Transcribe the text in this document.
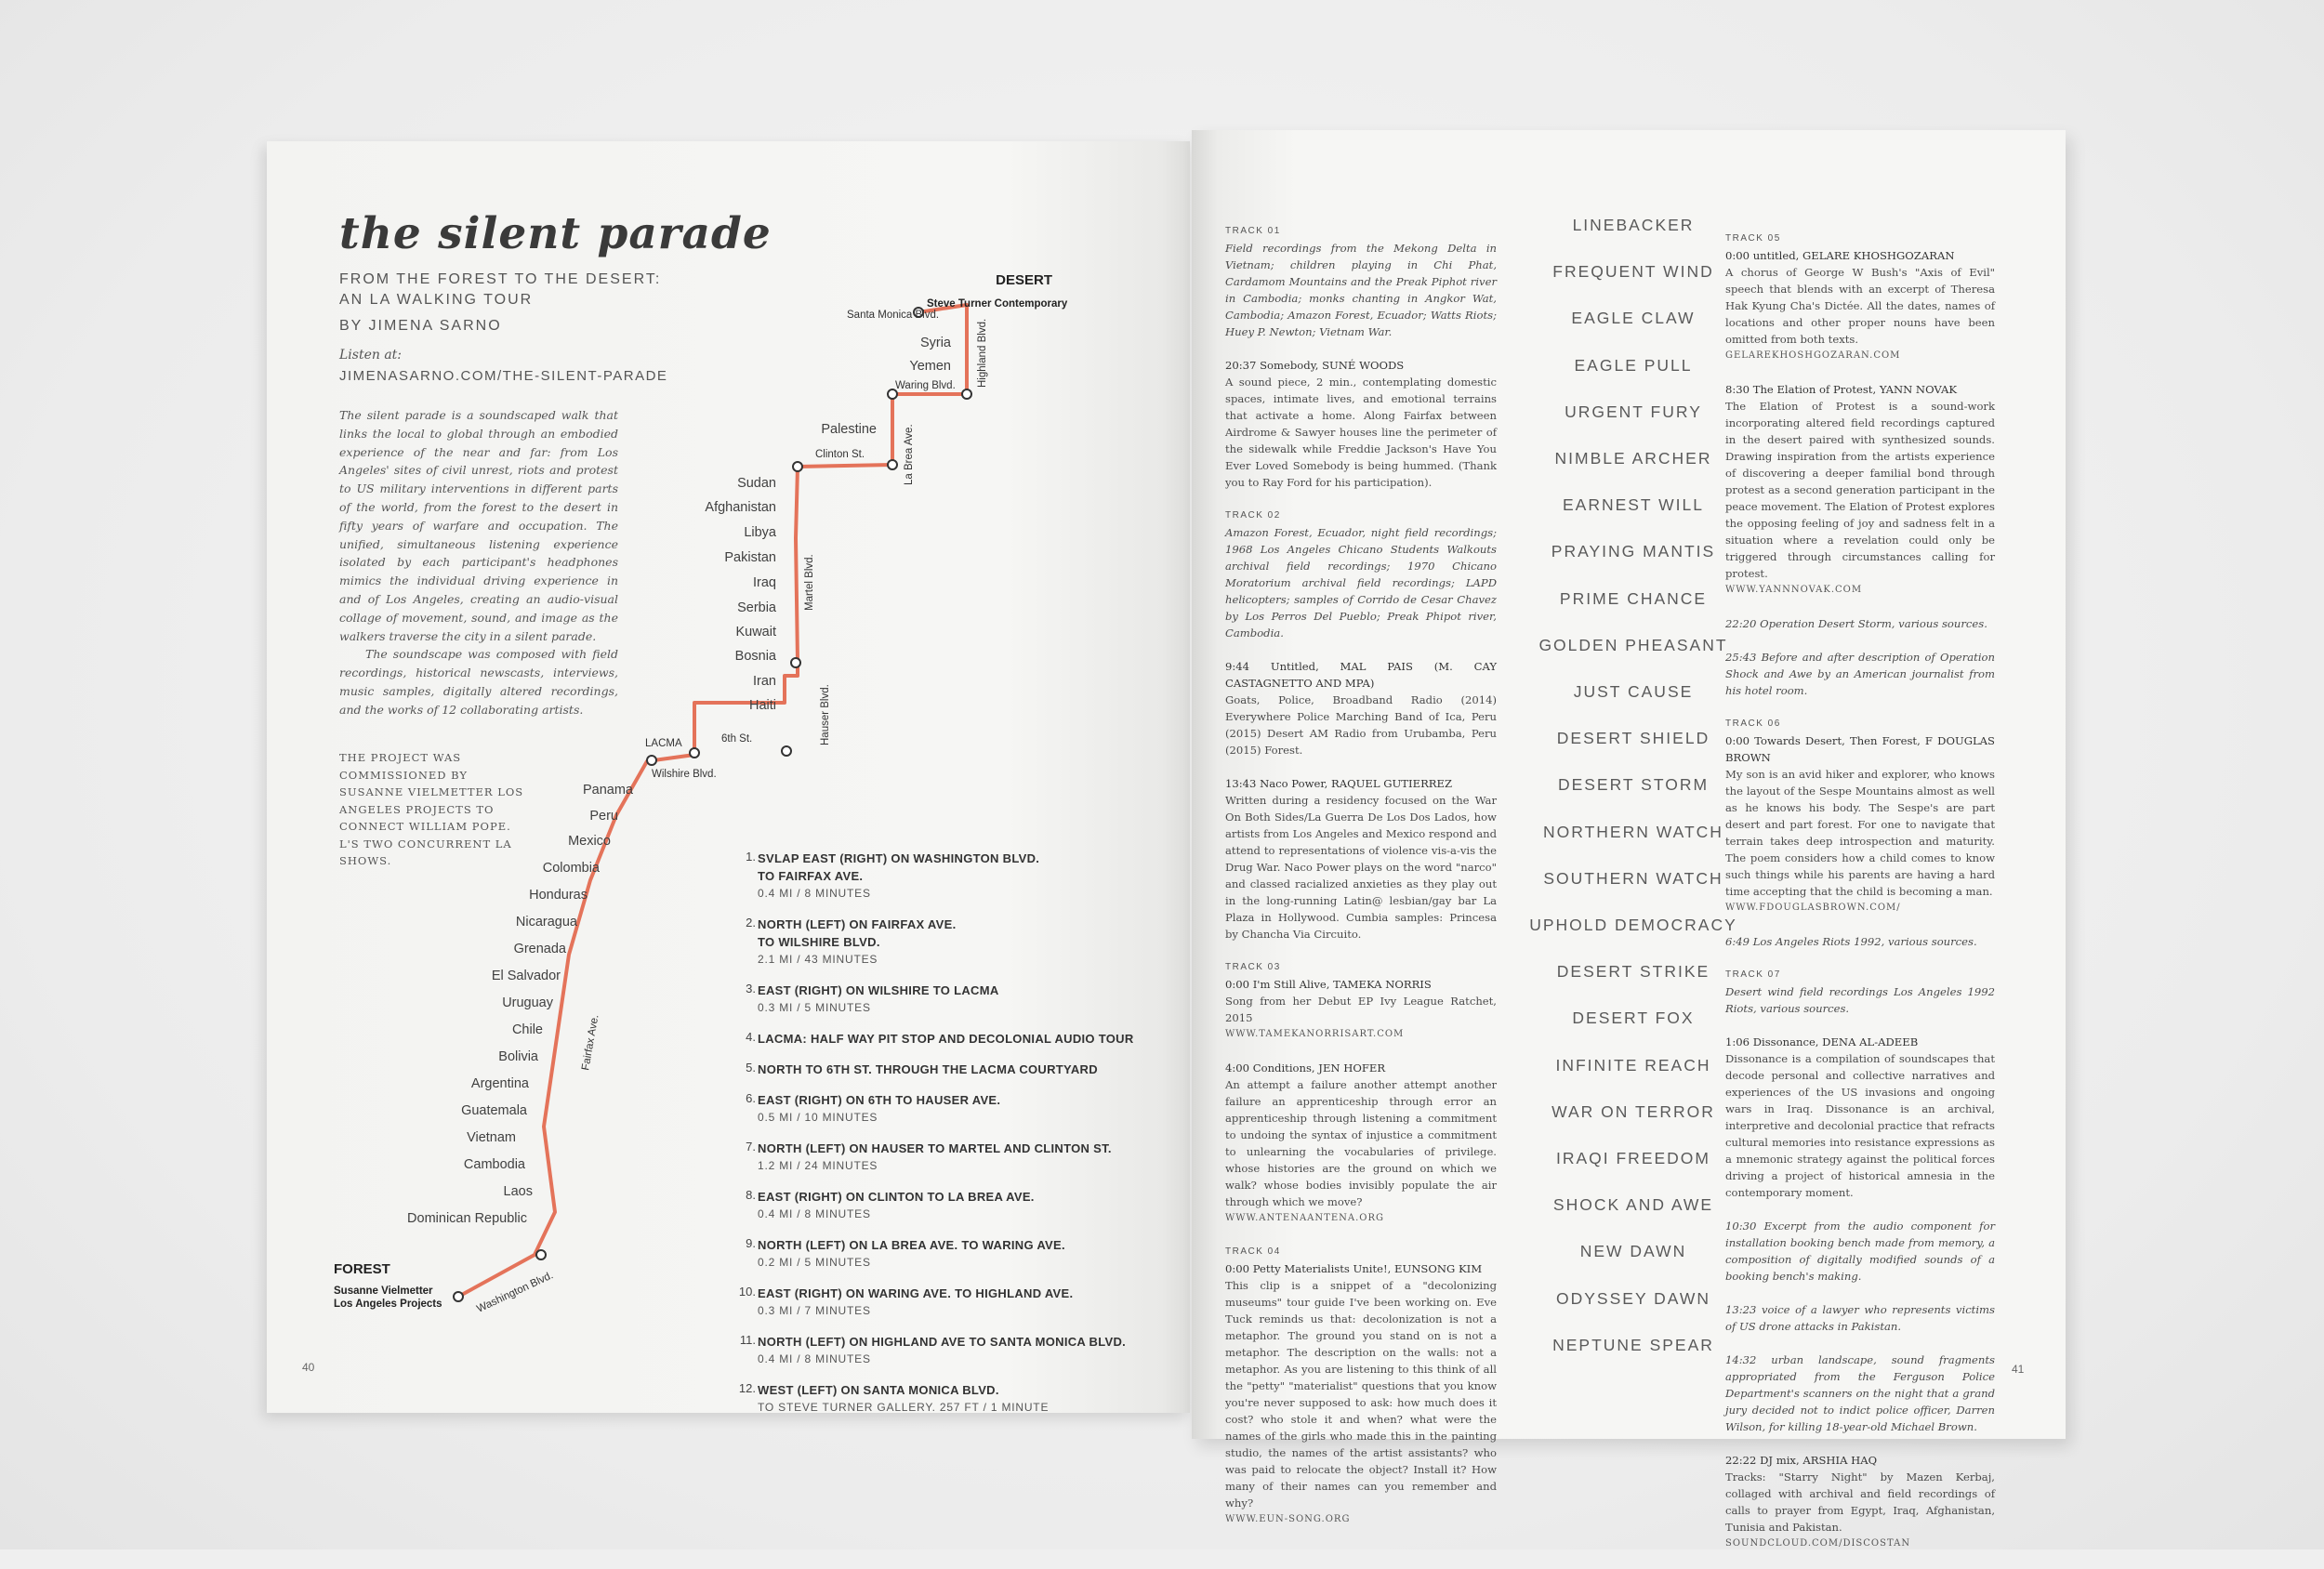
the silent parade
FROM THE FOREST TO THE DESERT: AN LA WALKING TOUR
BY JIMENA SARNO
Listen at:
JIMENASARNO.COM/THE-SILENT-PARADE

The silent parade is a soundscaped walk that links the local to global through an embodied experience of the near and far: from Los Angeles' sites of civil unrest, riots and protest to US military interventions in different parts of the world, from the forest to the desert in fifty years of warfare and occupation. The unified, simultaneous listening experience isolated by each participant's headphones mimics the individual driving experience in and of Los Angeles, creating an audio-visual collage of movement, sound, and image as the walkers traverse the city in a silent parade.

The soundscape was composed with field recordings, historical newscasts, interviews, music samples, digitally altered recordings, and the works of 12 collaborating artists.

THE PROJECT WAS COMMISSIONED BY SUSANNE VIELMETTER LOS ANGELES PROJECTS TO CONNECT WILLIAM POPE. L'S TWO CONCURRENT LA SHOWS.
40
DESERT
Steve Turner Contemporary
FOREST
Susanne Vielmetter
Los Angeles Projects
Santa Monica Blvd.
Highland Blvd.
Waring Blvd.
La Brea Ave.
Clinton St.
Martel Blvd.
Hauser Blvd.
6th St.
LACMA
Wilshire Blvd.
Fairfax Ave.
Washington Blvd.
Syria
Yemen
Palestine
Sudan
Afghanistan
Libya
Pakistan
Iraq
Serbia
Kuwait
Bosnia
Iran
Haiti
Panama
Peru
Mexico
Colombia
Honduras
Nicaragua
Grenada
El Salvador
Uruguay
Chile
Bolivia
Argentina
Guatemala
Vietnam
Cambodia
Laos
Dominican Republic
1. SVLAP EAST (RIGHT) ON WASHINGTON BLVD.
TO FAIRFAX AVE.
0.4 MI / 8 MINUTES
2. NORTH (LEFT) ON FAIRFAX AVE.
TO WILSHIRE BLVD.
2.1 MI / 43 MINUTES
3. EAST (RIGHT) ON WILSHIRE TO LACMA
0.3 MI / 5 MINUTES
4. LACMA: HALF WAY PIT STOP AND DECOLONIAL AUDIO TOUR
5. NORTH TO 6TH ST. THROUGH THE LACMA COURTYARD
6. EAST (RIGHT) ON 6TH TO HAUSER AVE.
0.5 MI / 10 MINUTES
7. NORTH (LEFT) ON HAUSER TO MARTEL AND CLINTON ST.
1.2 MI / 24 MINUTES
8. EAST (RIGHT) ON CLINTON TO LA BREA AVE.
0.4 MI / 8 MINUTES
9. NORTH (LEFT) ON LA BREA AVE. TO WARING AVE.
0.2 MI / 5 MINUTES
10. EAST (RIGHT) ON WARING AVE. TO HIGHLAND AVE.
0.3 MI / 7 MINUTES
11. NORTH (LEFT) ON HIGHLAND AVE TO SANTA MONICA BLVD.
0.4 MI / 8 MINUTES
12. WEST (LEFT) ON SANTA MONICA BLVD.
TO STEVE TURNER GALLERY. 257 FT / 1 MINUTE
TRACK 01
Field recordings from the Mekong Delta in Vietnam; children playing in Chi Phat, Cardamom Mountains and the Preak Piphot river in Cambodia; monks chanting in Angkor Wat, Cambodia; Amazon Forest, Ecuador; Watts Riots; Huey P. Newton; Vietnam War.
20:37 Somebody, SUNÉ WOODS
A sound piece, 2 min., contemplating domestic spaces, intimate lives, and emotional terrains that activate a home. Along Fairfax between Airdrome & Sawyer houses line the perimeter of the sidewalk while Freddie Jackson's Have You Ever Loved Somebody is being hummed. (Thank you to Ray Ford for his participation).
TRACK 02
Amazon Forest, Ecuador, night field recordings; 1968 Los Angeles Chicano Students Walkouts archival field recordings; 1970 Chicano Moratorium archival field recordings; LAPD helicopters; samples of Corrido de Cesar Chavez by Los Perros Del Pueblo; Preak Phipot river, Cambodia.
9:44 Untitled, MAL PAIS (M. CAY CASTAGNETTO AND MPA)
Goats, Police, Broadband Radio (2014) Everywhere Police Marching Band of Ica, Peru (2015) Desert AM Radio from Urubamba, Peru (2015) Forest.
13:43 Naco Power, RAQUEL GUTIERREZ
Written during a residency focused on the War On Both Sides/La Guerra De Los Dos Lados, how artists from Los Angeles and Mexico respond and attend to representations of violence vis-a-vis the Drug War. Naco Power plays on the word "narco" and classed racialized anxieties as they play out in the long-running Latin@ lesbian/gay bar La Plaza in Hollywood. Cumbia samples: Princesa by Chancha Via Circuito.
TRACK 03
0:00 I'm Still Alive, TAMEKA NORRIS
Song from her Debut EP Ivy League Ratchet, 2015
WWW.TAMEKANORRISART.COM
4:00 Conditions, JEN HOFER
An attempt a failure another attempt another failure an apprenticeship through error an apprenticeship through listening a commitment to undoing the syntax of injustice a commitment to unlearning the vocabularies of privilege. whose histories are the ground on which we walk? whose bodies invisibly populate the air through which we move?
WWW.ANTENAANTENA.ORG
TRACK 04
0:00 Petty Materialists Unite!, EUNSONG KIM
This clip is a snippet of a "decolonizing museums" tour guide I've been working on. Eve Tuck reminds us that: decolonization is not a metaphor. The ground you stand on is not a metaphor. The description on the walls: not a metaphor. As you are listening to this think of all the "petty" "materialist" questions that you know you're never supposed to ask: how much does it cost? who stole it and when? what were the names of the girls who made this in the painting studio, the names of the artist assistants? who was paid to relocate the object? Install it? How many of their names can you remember and why?
WWW.EUN-SONG.ORG
LINEBACKER
FREQUENT WIND
EAGLE CLAW
EAGLE PULL
URGENT FURY
NIMBLE ARCHER
EARNEST WILL
PRAYING MANTIS
PRIME CHANCE
GOLDEN PHEASANT
JUST CAUSE
DESERT SHIELD
DESERT STORM
NORTHERN WATCH
SOUTHERN WATCH
UPHOLD DEMOCRACY
DESERT STRIKE
DESERT FOX
INFINITE REACH
WAR ON TERROR
IRAQI FREEDOM
SHOCK AND AWE
NEW DAWN
ODYSSEY DAWN
NEPTUNE SPEAR
TRACK 05
0:00 untitled, GELARE KHOSHGOZARAN
A chorus of George W Bush's "Axis of Evil" speech that blends with an excerpt of Theresa Hak Kyung Cha's Dictée. All the dates, names of locations and other proper nouns have been omitted from both texts.
GELAREKHOSHGOZARAN.COM
8:30 The Elation of Protest, YANN NOVAK
The Elation of Protest is a sound-work incorporating altered field recordings captured in the desert paired with synthesized sounds. Drawing inspiration from the artists experience of discovering a deeper familial bond through protest as a second generation participant in the peace movement. The Elation of Protest explores the opposing feeling of joy and sadness felt in a situation where a revelation could only be triggered through circumstances calling for protest.
WWW.YANNNOVAK.COM
22:20 Operation Desert Storm, various sources.
25:43 Before and after description of Operation Shock and Awe by an American journalist from his hotel room.
TRACK 06
0:00 Towards Desert, Then Forest, F DOUGLAS BROWN
My son is an avid hiker and explorer, who knows the layout of the Sespe Mountains almost as well as he knows his body. The Sespe's are part desert and part forest. For one to navigate that terrain takes deep introspection and maturity. The poem considers how a child comes to know such things while his parents are having a hard time accepting that the child is becoming a man.
WWW.FDOUGLASBROWN.COM/
6:49 Los Angeles Riots 1992, various sources.
TRACK 07
Desert wind field recordings Los Angeles 1992 Riots, various sources.
1:06 Dissonance, DENA AL-ADEEB
Dissonance is a compilation of soundscapes that decode personal and collective narratives and experiences of the US invasions and ongoing wars in Iraq. Dissonance is an archival, interpretive and decolonial practice that refracts cultural memories into resistance expressions as a mnemonic strategy against the political forces driving a project of historical amnesia in the contemporary moment.
10:30 Excerpt from the audio component for installation booking bench made from memory, a composition of digitally modified sounds of a booking bench's making.
13:23 voice of a lawyer who represents victims of US drone attacks in Pakistan.
14:32 urban landscape, sound fragments appropriated from the Ferguson Police Department's scanners on the night that a grand jury decided not to indict police officer, Darren Wilson, for killing 18-year-old Michael Brown.
22:22 DJ mix, ARSHIA HAQ
Tracks: "Starry Night" by Mazen Kerbaj, collaged with archival and field recordings of calls to prayer from Egypt, Iraq, Afghanistan, Tunisia and Pakistan.
SOUNDCLOUD.COM/DISCOSTAN
41
